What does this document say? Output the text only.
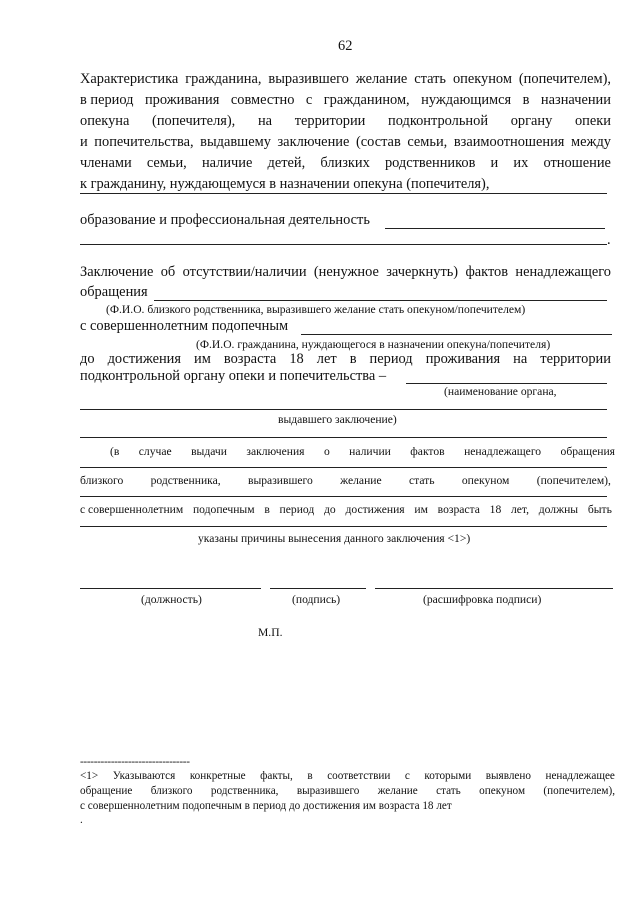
62
Характеристика гражданина, выразившего желание стать опекуном (попечителем),
в период проживания совместно с гражданином, нуждающимся в назначении
опекуна (попечителя), на территории подконтрольной органу опеки
и попечительства, выдавшему заключение (состав семьи, взаимоотношения между
членами семьи, наличие детей, близких родственников и их отношение
к гражданину, нуждающемуся в назначении опекуна (попечителя),
образование и профессиональная деятельность
.
Заключение об отсутствии/наличии (ненужное зачеркнуть) фактов ненадлежащего
обращения
(Ф.И.О. близкого родственника, выразившего желание стать опекуном/попечителем)
с совершеннолетним подопечным
(Ф.И.О. гражданина, нуждающегося в назначении опекуна/попечителя)
до достижения им возраста 18 лет в период проживания на территории
подконтрольной органу опеки и попечительства –
(наименование органа,
выдавшего заключение)
(в случае выдачи заключения о наличии фактов ненадлежащего обращения
близкого родственника, выразившего желание стать опекуном (попечителем),
с совершеннолетним подопечным в период до достижения им возраста 18 лет, должны быть
указаны причины вынесения данного заключения <1>)
(должность)	(подпись)	(расшифровка подписи)
М.П.
--------------------------------
<1> Указываются конкретные факты, в соответствии с которыми выявлено ненадлежащее
обращение близкого родственника, выразившего желание стать опекуном (попечителем),
с совершеннолетним подопечным в период до достижения им возраста 18 лет
.
